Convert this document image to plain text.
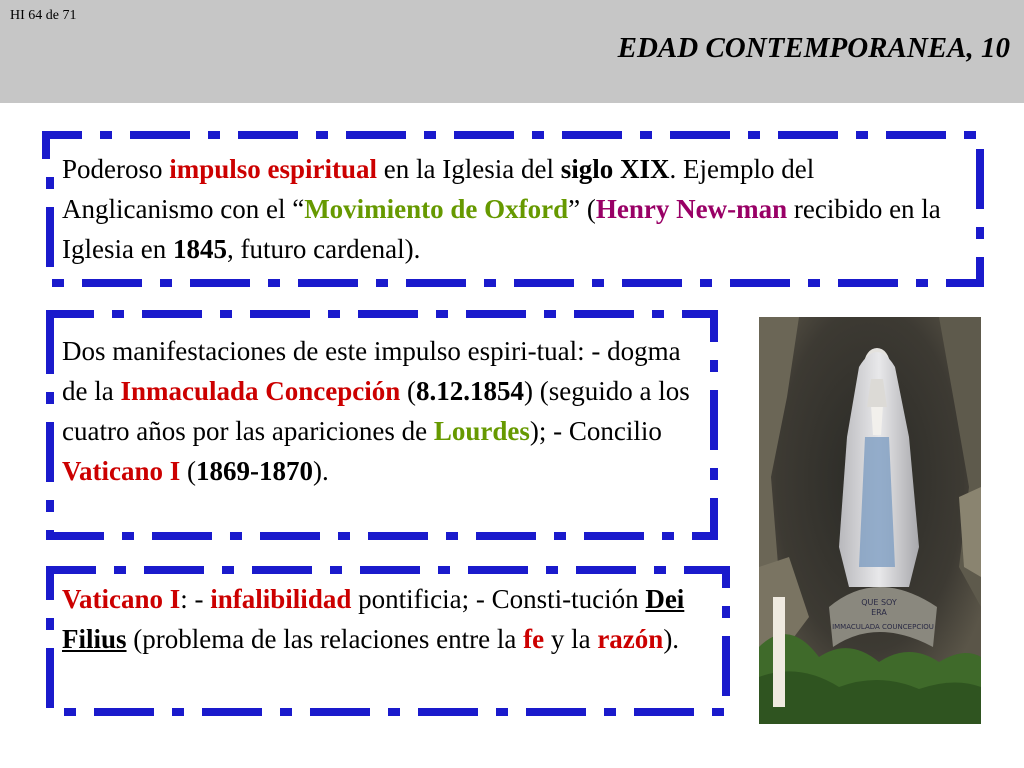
HI 64 de 71
EDAD CONTEMPORANEA, 10
Poderoso impulso espiritual en la Iglesia del siglo XIX. Ejemplo del Anglicanismo con el “Movimiento de Oxford” (Henry New-man recibido en la Iglesia en 1845, futuro cardenal).
Dos manifestaciones de este impulso espiri-tual: - dogma de la Inmaculada Concepción (8.12.1854) (seguido a los cuatro años por las apariciones de Lourdes); - Concilio Vaticano I (1869-1870).
Vaticano I: - infalibilidad pontificia; - Consti-tución Dei Filius (problema de las relaciones entre la fe y la razón).
QUE SOY
ERA
IMMACULADA COUNCEPCIOU
